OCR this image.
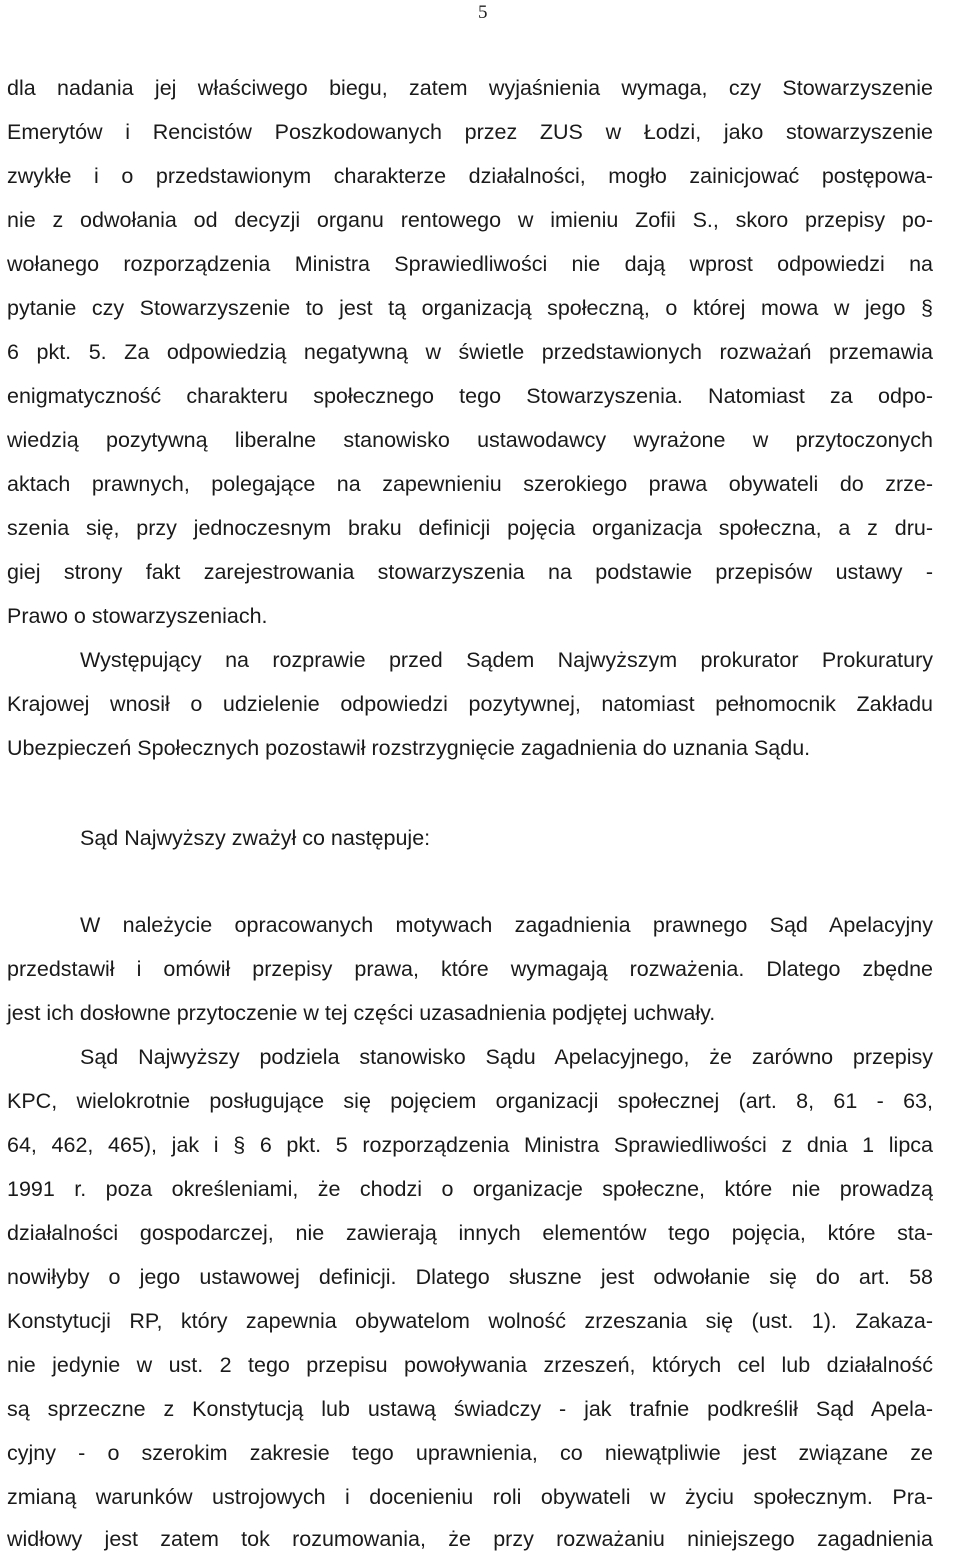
5
dla nadania jej właściwego biegu, zatem wyjaśnienia wymaga, czy Stowarzyszenie
Emerytów i Rencistów Poszkodowanych przez ZUS w Łodzi, jako stowarzyszenie
zwykłe i o przedstawionym charakterze działalności, mogło zainicjować postępowa-
nie z odwołania od decyzji organu rentowego w imieniu Zofii S., skoro przepisy po-
wołanego rozporządzenia Ministra Sprawiedliwości nie dają wprost odpowiedzi na
pytanie czy Stowarzyszenie to jest tą organizacją społeczną, o której mowa w jego §
6 pkt. 5. Za odpowiedzią negatywną w świetle przedstawionych rozważań przemawia
enigmatyczność charakteru społecznego tego Stowarzyszenia. Natomiast za odpo-
wiedzią pozytywną liberalne stanowisko ustawodawcy wyrażone w przytoczonych
aktach prawnych, polegające na zapewnieniu szerokiego prawa obywateli do zrze-
szenia się, przy jednoczesnym braku definicji pojęcia organizacja społeczna, a z dru-
giej strony fakt zarejestrowania stowarzyszenia na podstawie przepisów ustawy -
Prawo o stowarzyszeniach.
Występujący na rozprawie przed Sądem Najwyższym prokurator Prokuratury
Krajowej wnosił o udzielenie odpowiedzi pozytywnej, natomiast pełnomocnik Zakładu
Ubezpieczeń Społecznych pozostawił rozstrzygnięcie zagadnienia do uznania Sądu.
Sąd Najwyższy zważył co następuje:
W należycie opracowanych motywach zagadnienia prawnego Sąd Apelacyjny
przedstawił i omówił przepisy prawa, które wymagają rozważenia. Dlatego zbędne
jest ich dosłowne przytoczenie w tej części uzasadnienia podjętej uchwały.
Sąd Najwyższy podziela stanowisko Sądu Apelacyjnego, że zarówno przepisy
KPC, wielokrotnie posługujące się pojęciem organizacji społecznej (art. 8, 61 - 63,
64, 462, 465), jak i § 6 pkt. 5 rozporządzenia Ministra Sprawiedliwości z dnia 1 lipca
1991 r. poza określeniami, że chodzi o organizacje społeczne, które nie prowadzą
działalności gospodarczej, nie zawierają innych elementów tego pojęcia, które sta-
nowiłyby o jego ustawowej definicji. Dlatego słuszne jest odwołanie się do art. 58
Konstytucji RP, który zapewnia obywatelom wolność zrzeszania się (ust. 1). Zakaza-
nie jedynie w ust. 2 tego przepisu powoływania zrzeszeń, których cel lub działalność
są sprzeczne z Konstytucją lub ustawą świadczy - jak trafnie podkreślił Sąd Apela-
cyjny - o szerokim zakresie tego uprawnienia, co niewątpliwie jest związane ze
zmianą warunków ustrojowych i docenieniu roli obywateli w życiu społecznym. Pra-
widłowy jest zatem tok rozumowania, że przy rozważaniu niniejszego zagadnienia
